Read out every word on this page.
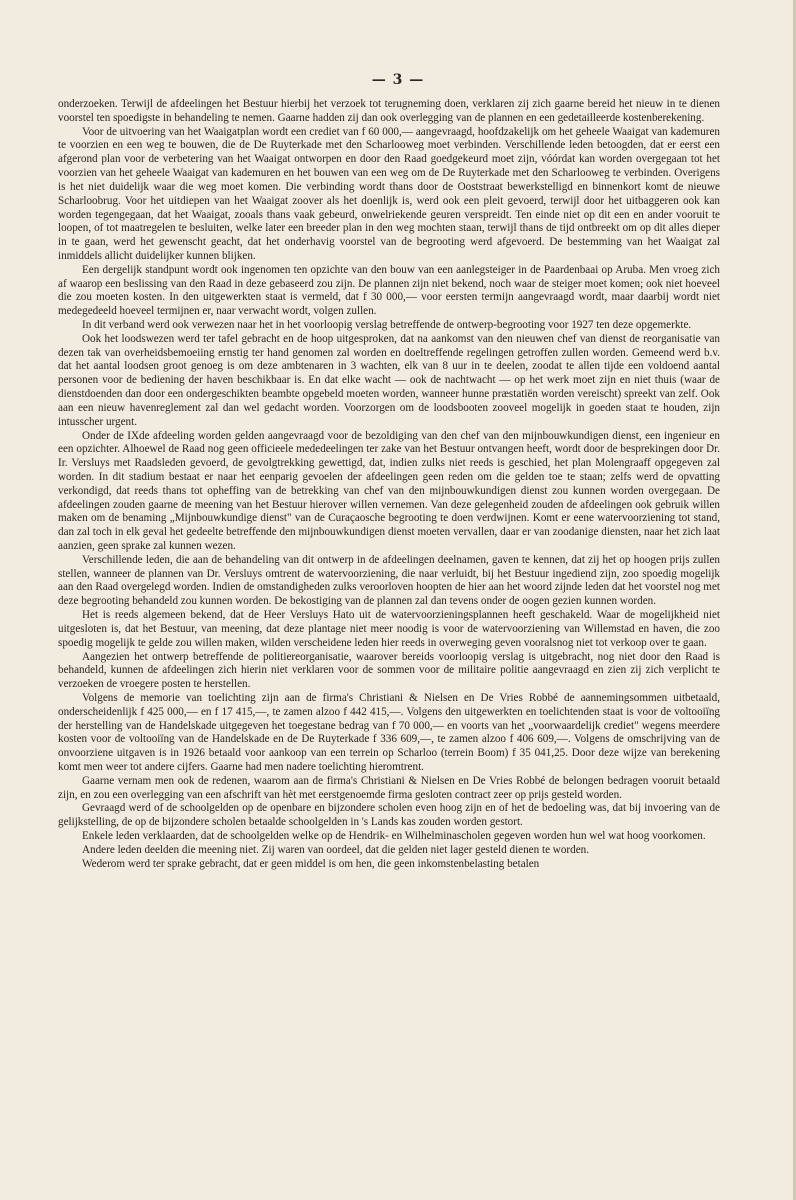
— 3 —

onderzoeken. Terwijl de afdeelingen het Bestuur hierbij het verzoek tot terugneming doen, verklaren zij zich gaarne bereid het nieuw in te dienen voorstel ten spoedigste in behandeling te nemen. Gaarne hadden zij dan ook overlegging van de plannen en een gedetailleerde kostenberekening.

Voor de uitvoering van het Waaigatplan wordt een crediet van f 60 000,— aangevraagd, hoofdzakelijk om het geheele Waaigat van kademuren te voorzien en een weg te bouwen, die de De Ruyterkade met den Scharlooweg moet verbinden. Verschillende leden betoogden, dat er eerst een afgerond plan voor de verbetering van het Waaigat ontworpen en door den Raad goedgekeurd moet zijn, vóórdat kan worden overgegaan tot het voorzien van het geheele Waaigat van kademuren en het bouwen van een weg om de De Ruyterkade met den Scharlooweg te verbinden. Overigens is het niet duidelijk waar die weg moet komen. Die verbinding wordt thans door de Ooststraat bewerkstelligd en binnenkort komt de nieuwe Scharloobrug. Voor het uitdiepen van het Waaigat zoover als het doenlijk is, werd ook een pleit gevoerd, terwijl door het uitbaggeren ook kan worden tegengegaan, dat het Waaigat, zooals thans vaak gebeurd, onwelriekende geuren verspreidt. Ten einde niet op dit een en ander vooruit te loopen, of tot maatregelen te besluiten, welke later een breeder plan in den weg mochten staan, terwijl thans de tijd ontbreekt om op dit alles dieper in te gaan, werd het gewenscht geacht, dat het onderhavig voorstel van de begrooting werd afgevoerd. De bestemming van het Waaigat zal inmiddels allicht duidelijker kunnen blijken.

Een dergelijk standpunt wordt ook ingenomen ten opzichte van den bouw van een aanlegsteiger in de Paardenbaai op Aruba. Men vroeg zich af waarop een beslissing van den Raad in deze gebaseerd zou zijn. De plannen zijn niet bekend, noch waar de steiger moet komen; ook niet hoeveel die zou moeten kosten. In den uitgewerkten staat is vermeld, dat f 30 000,— voor eersten termijn aangevraagd wordt, maar daarbij wordt niet medegedeeld hoeveel termijnen er, naar verwacht wordt, volgen zullen.

In dit verband werd ook verwezen naar het in het voorloopig verslag betreffende de ontwerp-begrooting voor 1927 ten deze opgemerkte.

Ook het loodswezen werd ter tafel gebracht en de hoop uitgesproken, dat na aankomst van den nieuwen chef van dienst de reorganisatie van dezen tak van overheidsbemoeiing ernstig ter hand genomen zal worden en doeltreffende regelingen getroffen zullen worden. Gemeend werd b.v. dat het aantal loodsen groot genoeg is om deze ambtenaren in 3 wachten, elk van 8 uur in te deelen, zoodat te allen tijde een voldoend aantal personen voor de bediening der haven beschikbaar is. En dat elke wacht — ook de nachtwacht — op het werk moet zijn en niet thuis (waar de dienstdoenden dan door een ondergeschikten beambte opgebeld moeten worden, wanneer hunne præstatiën worden vereischt) spreekt van zelf. Ook aan een nieuw havenreglement zal dan wel gedacht worden. Voorzorgen om de loodsbooten zooveel mogelijk in goeden staat te houden, zijn intusscher urgent.

Onder de IXde afdeeling worden gelden aangevraagd voor de bezoldiging van den chef van den mijnbouwkundigen dienst, een ingenieur en een opzichter. Alhoewel de Raad nog geen officieele mededeelingen ter zake van het Bestuur ontvangen heeft, wordt door de besprekingen door Dr. Ir. Versluys met Raadsleden gevoerd, de gevolgtrekking gewettigd, dat, indien zulks niet reeds is geschied, het plan Molengraaff opgegeven zal worden. In dit stadium bestaat er naar het eenparig gevoelen der afdeelingen geen reden om die gelden toe te staan; zelfs werd de opvatting verkondigd, dat reeds thans tot opheffing van de betrekking van chef van den mijnbouwkundigen dienst zou kunnen worden overgegaan. De afdeelingen zouden gaarne de meening van het Bestuur hierover willen vernemen. Van deze gelegenheid zouden de afdeelingen ook gebruik willen maken om de benaming „Mijnbouwkundige dienst" van de Curaçaosche begrooting te doen verdwijnen. Komt er eene watervoorziening tot stand, dan zal toch in elk geval het gedeelte betreffende den mijnbouwkundigen dienst moeten vervallen, daar er van zoodanige diensten, naar het zich laat aanzien, geen sprake zal kunnen wezen.

Verschillende leden, die aan de behandeling van dit ontwerp in de afdeelingen deelnamen, gaven te kennen, dat zij het op hoogen prijs zullen stellen, wanneer de plannen van Dr. Versluys omtrent de watervoorziening, die naar verluidt, bij het Bestuur ingediend zijn, zoo spoedig mogelijk aan den Raad overgelegd worden. Indien de omstandigheden zulks veroorloven hoopten de hier aan het woord zijnde leden dat het voorstel nog met deze begrooting behandeld zou kunnen worden. De bekostiging van de plannen zal dan tevens onder de oogen gezien kunnen worden.

Het is reeds algemeen bekend, dat de Heer Versluys Hato uit de watervoorzieningsplannen heeft geschakeld. Waar de mogelijkheid niet uitgesloten is, dat het Bestuur, van meening, dat deze plantage niet meer noodig is voor de watervoorziening van Willemstad en haven, die zoo spoedig mogelijk te gelde zou willen maken, wilden verscheidene leden hier reeds in overweging geven vooralsnog niet tot verkoop over te gaan.

Aangezien het ontwerp betreffende de politiereorganisatie, waarover bereids voorloopig verslag is uitgebracht, nog niet door den Raad is behandeld, kunnen de afdeelingen zich hierin niet verklaren voor de sommen voor de militaire politie aangevraagd en zien zij zich verplicht te verzoeken de vroegere posten te herstellen.

Volgens de memorie van toelichting zijn aan de firma's Christiani & Nielsen en De Vries Robbé de aannemingsommen uitbetaald, onderscheidenlijk f 425 000,— en f 17 415,—, te zamen alzoo f 442 415,—. Volgens den uitgewerkten en toelichtenden staat is voor de voltooiïng der herstelling van de Handelskade uitgegeven het toegestane bedrag van f 70 000,— en voorts van het „voorwaardelijk crediet" wegens meerdere kosten voor de voltooiïng van de Handelskade en de De Ruyterkade f 336 609,—, te zamen alzoo f 406 609,—. Volgens de omschrijving van de onvoorziene uitgaven is in 1926 betaald voor aankoop van een terrein op Scharloo (terrein Boom) f 35 041,25. Door deze wijze van berekening komt men weer tot andere cijfers. Gaarne had men nadere toelichting hieromtrent.

Gaarne vernam men ook de redenen, waarom aan de firma's Christiani & Nielsen en De Vries Robbé de belongen bedragen vooruit betaald zijn, en zou een overlegging van een afschrift van hèt met eerstgenoemde firma gesloten contract zeer op prijs gesteld worden.

Gevraagd werd of de schoolgelden op de openbare en bijzondere scholen even hoog zijn en of het de bedoeling was, dat bij invoering van de gelijkstelling, de op de bijzondere scholen betaalde schoolgelden in 's Lands kas zouden worden gestort.

Enkele leden verklaarden, dat de schoolgelden welke op de Hendrik- en Wilhelminascholen gegeven worden hun wel wat hoog voorkomen.

Andere leden deelden die meening niet. Zij waren van oordeel, dat die gelden niet lager gesteld dienen te worden.

Wederom werd ter sprake gebracht, dat er geen middel is om hen, die geen inkomstenbelasting betalen
